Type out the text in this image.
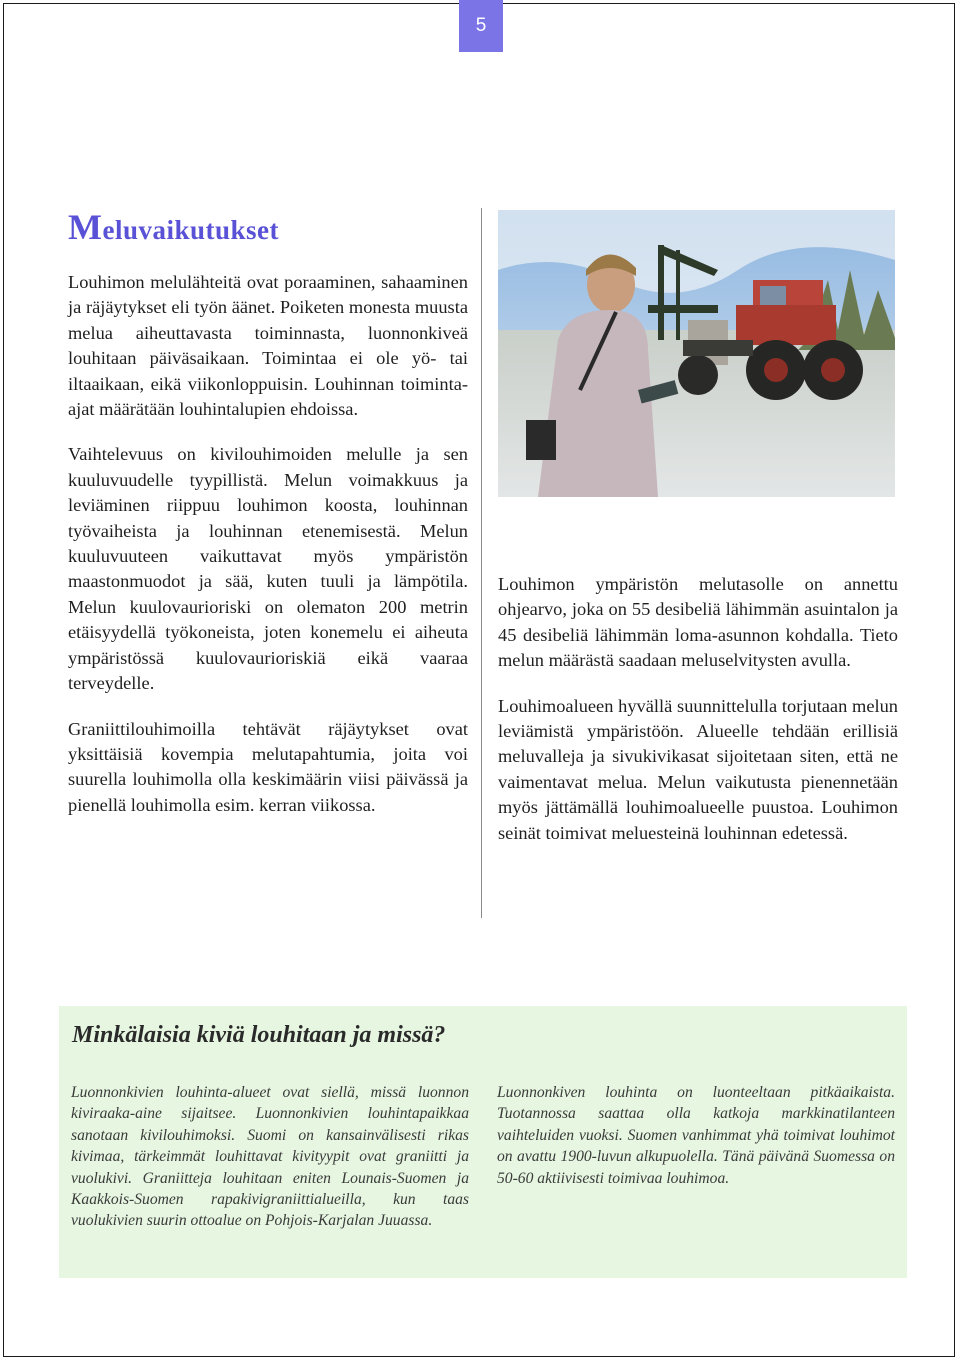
5
Meluvaikutukset

Louhimon melulähteitä ovat poraaminen, sahaaminen ja räjäytykset eli työn äänet. Poiketen monesta muusta melua aiheuttavasta toiminnasta, luonnonkiveä louhitaan päiväsaikaan. Toimintaa ei ole yö- tai iltaaikaan, eikä viikonloppuisin. Louhinnan toiminta-ajat määrätään louhintalupien ehdoissa.

Vaihtelevuus on kivilouhimoiden melulle ja sen kuuluvuudelle tyypillistä. Melun voimakkuus ja leviäminen riippuu louhimon koosta, louhinnan työvaiheista ja louhinnan etenemisestä. Melun kuuluvuuteen vaikuttavat myös ympäristön maastonmuodot ja sää, kuten tuuli ja lämpötila. Melun kuulovaurioriski on olematon 200 metrin etäisyydellä työkoneista, joten konemelu ei aiheuta ympäristössä kuulovaurioriskiä eikä vaaraa terveydelle.

Graniittilouhimoilla tehtävät räjäytykset ovat yksittäisiä kovempia melutapahtumia, joita voi suurella louhimolla olla keskimäärin viisi päivässä ja pienellä louhimolla esim. kerran viikossa.

Louhimon ympäristön melutasolle on annettu ohjearvo, joka on 55 desibeliä lähimmän asuintalon ja 45 desibeliä lähimmän loma-asunnon kohdalla. Tieto melun määrästä saadaan meluselvitysten avulla.

Louhimoalueen hyvällä suunnittelulla torjutaan melun leviämistä ympäristöön. Alueelle tehdään erillisiä meluvalleja ja sivukivikasat sijoitetaan siten, että ne vaimentavat melua. Melun vaikutusta pienennetään myös jättämällä louhimoalueelle puustoa. Louhimon seinät toimivat meluesteinä louhinnan edetessä.

Minkälaisia kiviä louhitaan ja missä?
Luonnonkivien louhinta-alueet ovat siellä, missä luonnon kiviraaka-aine sijaitsee. Luonnonkivien louhintapaikkaa sanotaan kivilouhimoksi. Suomi on kansainvälisesti rikas kivimaa, tärkeimmät louhittavat kivityypit ovat graniitti ja vuolukivi. Graniitteja louhitaan eniten Lounais-Suomen ja Kaakkois-Suomen rapakivigraniittialueilla, kun taas vuolukivien suurin ottoalue on Pohjois-Karjalan Juuassa.
Luonnonkiven louhinta on luonteeltaan pitkäaikaista. Tuotannossa saattaa olla katkoja markkinatilanteen vaihteluiden vuoksi. Suomen vanhimmat yhä toimivat louhimot on avattu 1900-luvun alkupuolella. Tänä päivänä Suomessa on 50-60 aktiivisesti toimivaa louhimoa.
